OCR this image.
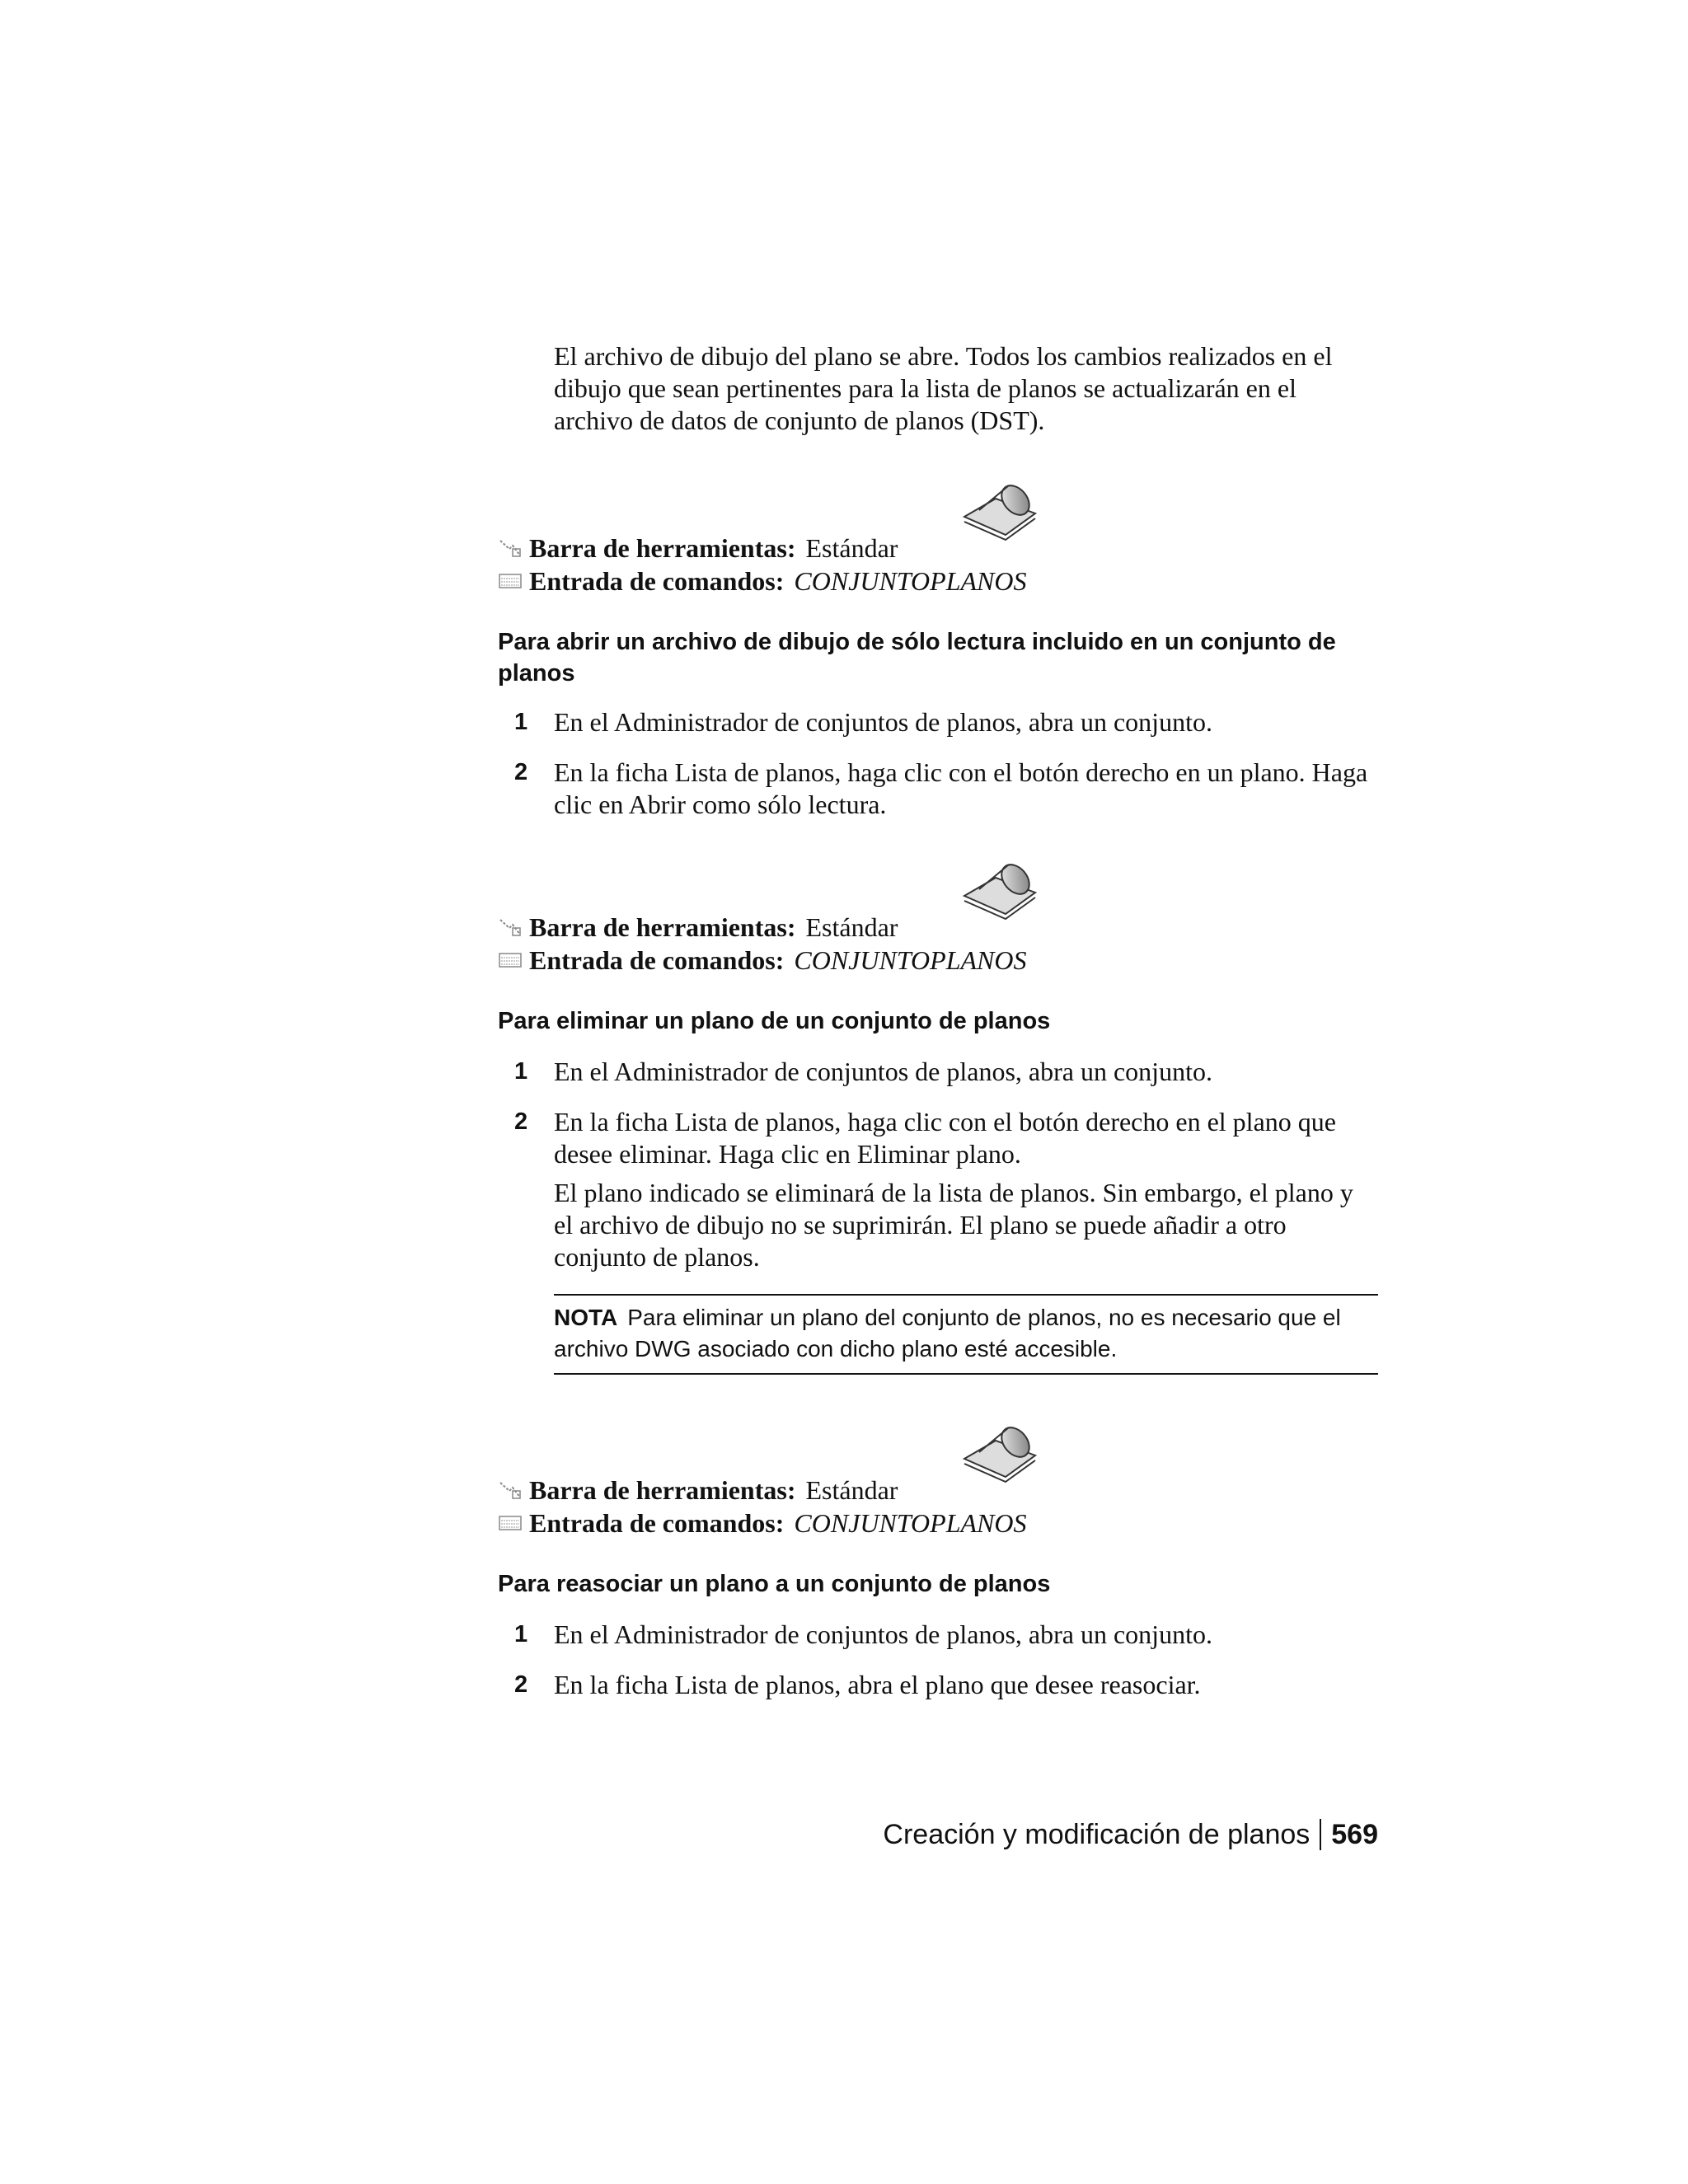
El archivo de dibujo del plano se abre. Todos los cambios realizados en el dibujo que sean pertinentes para la lista de planos se actualizarán en el archivo de datos de conjunto de planos (DST).
Barra de herramientas: Estándar
Entrada de comandos: CONJUNTOPLANOS
Para abrir un archivo de dibujo de sólo lectura incluido en un conjunto de planos
1 En el Administrador de conjuntos de planos, abra un conjunto.
2 En la ficha Lista de planos, haga clic con el botón derecho en un plano. Haga clic en Abrir como sólo lectura.
Barra de herramientas: Estándar
Entrada de comandos: CONJUNTOPLANOS
Para eliminar un plano de un conjunto de planos
1 En el Administrador de conjuntos de planos, abra un conjunto.
2 En la ficha Lista de planos, haga clic con el botón derecho en el plano que desee eliminar. Haga clic en Eliminar plano.
El plano indicado se eliminará de la lista de planos. Sin embargo, el plano y el archivo de dibujo no se suprimirán. El plano se puede añadir a otro conjunto de planos.
NOTA Para eliminar un plano del conjunto de planos, no es necesario que el archivo DWG asociado con dicho plano esté accesible.
Barra de herramientas: Estándar
Entrada de comandos: CONJUNTOPLANOS
Para reasociar un plano a un conjunto de planos
1 En el Administrador de conjuntos de planos, abra un conjunto.
2 En la ficha Lista de planos, abra el plano que desee reasociar.
Creación y modificación de planos 569
